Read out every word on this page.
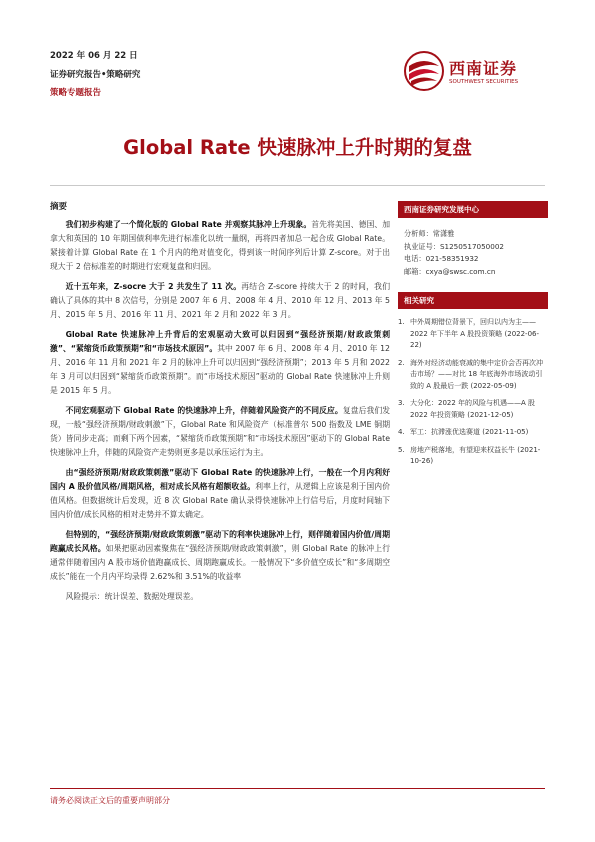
2022 年 06 月 22 日
证券研究报告•策略研究
策略专题报告
西南证券
SOUTHWEST SECURITIES
Global Rate 快速脉冲上升时期的复盘
摘要

我们初步构建了一个简化版的 Global Rate 并观察其脉冲上升现象。首先将美国、德国、加拿大和英国的 10 年期国债利率先进行标准化以统一量纲，再将四者加总一起合成 Global Rate。紧接着计算 Global Rate 在 1 个月内的绝对值变化，得到该一时间序列后计算 Z-score。对于出现大于 2 倍标准差的时期进行宏观复盘和归因。

近十五年来，Z-socre 大于 2 共发生了 11 次。再结合 Z-score 持续大于 2 的时间，我们确认了具体的其中 8 次信号，分别是 2007 年 6 月、2008 年 4 月、2010 年 12 月、2013 年 5 月、2015 年 5 月、2016 年 11 月、2021 年 2 月和 2022 年 3 月。

Global Rate 快速脉冲上升背后的宏观驱动大致可以归因到“强经济预期/财政政策刺激”、“紧缩货币政策预期”和“市场技术原因”。其中 2007 年 6 月、2008 年 4 月、2010 年 12 月、2016 年 11 月和 2021 年 2 月的脉冲上升可以归因到“强经济预期”；2013 年 5 月和 2022 年 3 月可以归因到“紧缩货币政策预期”。而“市场技术原因”驱动的 Global Rate 快速脉冲上升则是 2015 年 5 月。

不同宏观驱动下 Global Rate 的快速脉冲上升，伴随着风险资产的不同反应。复盘后我们发现，一般“强经济预期/财政刺激”下，Global Rate 和风险资产（标准普尔 500 指数及 LME 铜期货）皆同步走高；而剩下两个因素，“紧缩货币政策预期”和“市场技术原因”驱动下的 Global Rate 快速脉冲上升，伴随的风险资产走势则更多是以承压运行为主。

由“强经济预期/财政政策刺激”驱动下 Global Rate 的快速脉冲上行，一般在一个月内利好国内 A 股价值风格/周期风格，相对成长风格有超额收益。利率上行，从逻辑上应该是利于国内价值风格。但数据统计后发现，近 8 次 Global Rate 确认录得快速脉冲上行信号后，月度时间轴下国内价值/成长风格的相对走势并不算太确定。

但特别的，“强经济预期/财政政策刺激”驱动下的利率快速脉冲上行，则伴随着国内价值/周期跑赢成长风格。如果把驱动因素聚焦在“强经济预期/财政政策刺激”，则 Global Rate 的脉冲上行通常伴随着国内 A 股市场价值跑赢成长、周期跑赢成长。一般情况下“多价值空成长”和“多周期空成长”能在一个月内平均录得 2.62%和 3.51%的收益率

风险提示：统计误差、数据处理误差。

西南证券研究发展中心
分析师：常潇雅
执业证号：S1250517050002
电话：021-58351932
邮箱：cxya@swsc.com.cn
相关研究
1. 中外周期错位背景下，回归以内为主——2022 年下半年 A 股投资策略 (2022-06-22)
2. 海外对经济动能衰减的集中定价会否再次冲击市场？——对比 18 年底海外市场波动引致的 A 股最后一跌 (2022-05-09)
3. 大分化：2022 年的风险与机遇——A 股 2022 年投资策略 (2021-12-05)
4. 军工：抗滞涨优选赛道 (2021-11-05)
5. 房地产税落地，有望迎来权益长牛 (2021-10-26)
请务必阅读正文后的重要声明部分
